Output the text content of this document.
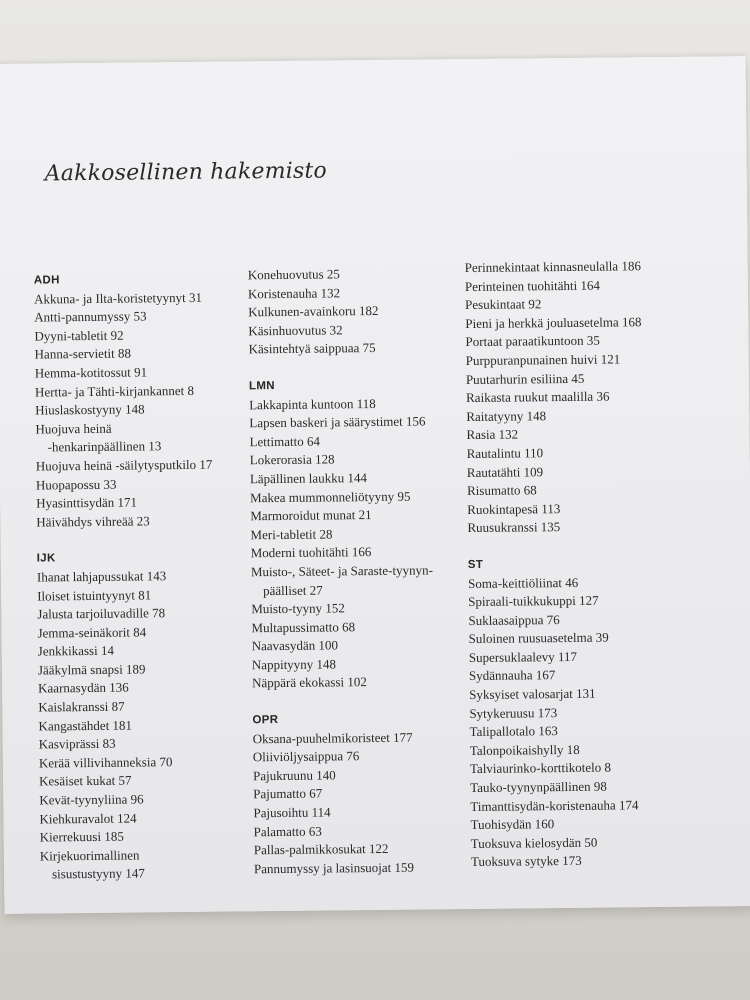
Aakkosellinen hakemisto
ADH
Akkuna- ja Ilta-koristetyynyt 31
Antti-pannumyssy 53
Dyyni-tabletit 92
Hanna-servietit 88
Hemma-kotitossut 91
Hertta- ja Tähti-kirjankannet 8
Hiuslaskostyyny 148
Huojuva heinä
-henkarinpäällinen 13
Huojuva heinä -säilytysputkilo 17
Huopapossu 33
Hyasinttisydän 171
Häivähdys vihreää 23
IJK
Ihanat lahjapussukat 143
Iloiset istuintyynyt 81
Jalusta tarjoiluvadille 78
Jemma-seinäkorit 84
Jenkkikassi 14
Jääkylmä snapsi 189
Kaarnasydän 136
Kaislakranssi 87
Kangastähdet 181
Kasviprässi 83
Kerää villivihanneksia 70
Kesäiset kukat 57
Kevät-tyynyliina 96
Kiehkuravalot 124
Kierrekuusi 185
Kirjekuorimallinen
sisustustyyny 147
Konehuovutus 25
Koristenauha 132
Kulkunen-avainkoru 182
Käsinhuovutus 32
Käsintehtyä saippuaa 75
LMN
Lakkapinta kuntoon 118
Lapsen baskeri ja säärystimet 156
Lettimatto 64
Lokerorasia 128
Läpällinen laukku 144
Makea mummonneliötyyny 95
Marmoroidut munat 21
Meri-tabletit 28
Moderni tuohitähti 166
Muisto-, Säteet- ja Saraste-tyynyn-
päälliset 27
Muisto-tyyny 152
Multapussimatto 68
Naavasydän 100
Nappityyny 148
Näppärä ekokassi 102
OPR
Oksana-puuhelmikoristeet 177
Oliiviöljysaippua 76
Pajukruunu 140
Pajumatto 67
Pajusoihtu 114
Palamatto 63
Pallas-palmikkosukat 122
Pannumyssy ja lasinsuojat 159
Perinnekintaat kinnasneulalla 186
Perinteinen tuohitähti 164
Pesukintaat 92
Pieni ja herkkä jouluasetelma 168
Portaat paraatikuntoon 35
Purppuranpunainen huivi 121
Puutarhurin esiliina 45
Raikasta ruukut maalilla 36
Raitatyyny 148
Rasia 132
Rautalintu 110
Rautatähti 109
Risumatto 68
Ruokintapesä 113
Ruusukranssi 135
ST
Soma-keittiöliinat 46
Spiraali-tuikkukuppi 127
Suklaasaippua 76
Suloinen ruusuasetelma 39
Supersuklaalevy 117
Sydännauha 167
Syksyiset valosarjat 131
Sytykeruusu 173
Talipallotalo 163
Talonpoikaishylly 18
Talviaurinko-korttikotelo 8
Tauko-tyynynpäällinen 98
Timanttisydän-koristenauha 174
Tuohisydän 160
Tuoksuva kielosydän 50
Tuoksuva sytyke 173
